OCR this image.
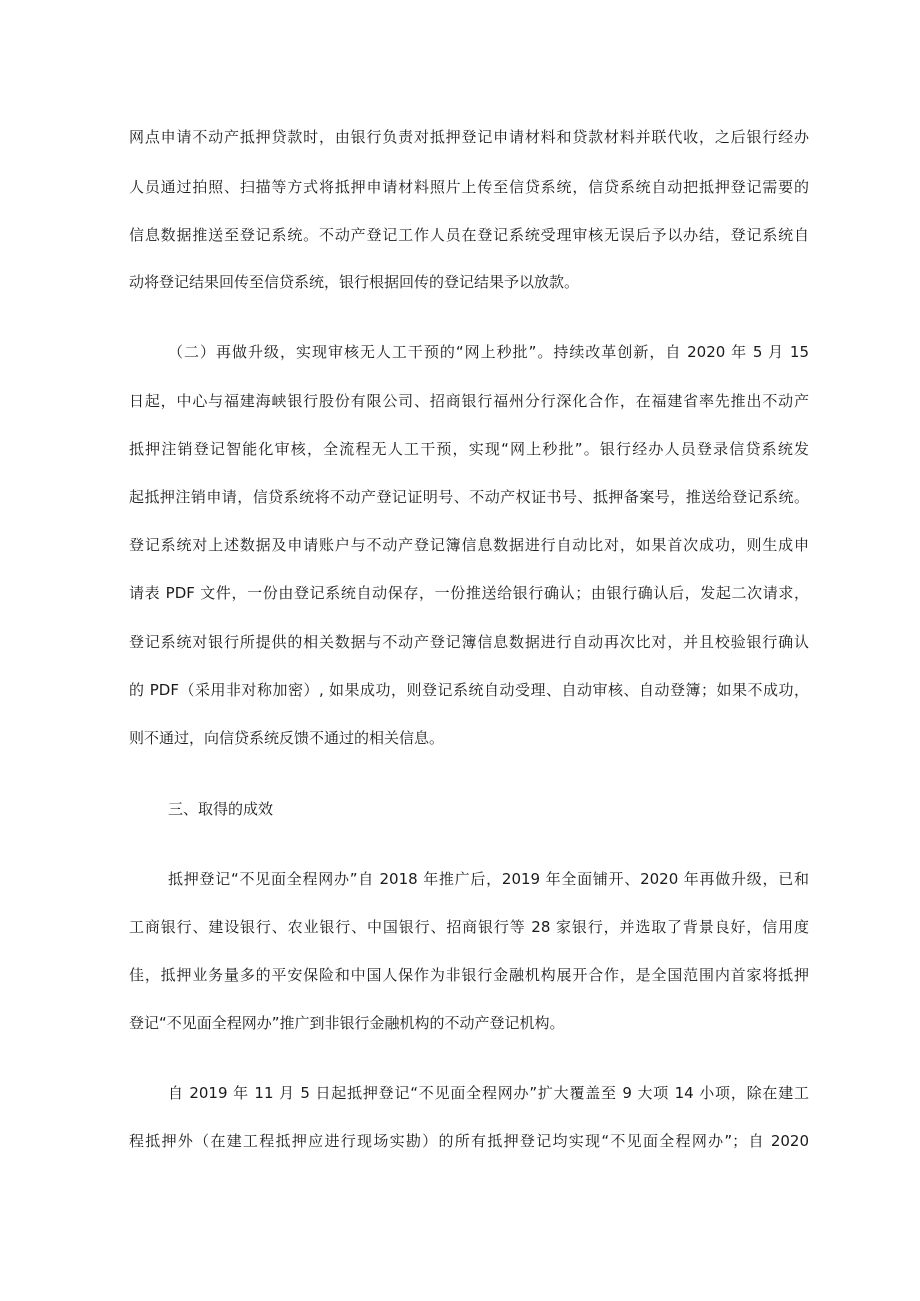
网点申请不动产抵押贷款时，由银行负责对抵押登记申请材料和贷款材料并联代收，之后银行经办
人员通过拍照、扫描等方式将抵押申请材料照片上传至信贷系统，信贷系统自动把抵押登记需要的
信息数据推送至登记系统。不动产登记工作人员在登记系统受理审核无误后予以办结，登记系统自
动将登记结果回传至信贷系统，银行根据回传的登记结果予以放款。
（二）再做升级，实现审核无人工干预的“网上秒批”。持续改革创新，自 2020 年 5 月 15
日起，中心与福建海峡银行股份有限公司、招商银行福州分行深化合作，在福建省率先推出不动产
抵押注销登记智能化审核，全流程无人工干预，实现“网上秒批”。银行经办人员登录信贷系统发
起抵押注销申请，信贷系统将不动产登记证明号、不动产权证书号、抵押备案号，推送给登记系统。
登记系统对上述数据及申请账户与不动产登记簿信息数据进行自动比对，如果首次成功，则生成申
请表 PDF 文件，一份由登记系统自动保存，一份推送给银行确认；由银行确认后，发起二次请求，
登记系统对银行所提供的相关数据与不动产登记簿信息数据进行自动再次比对，并且校验银行确认
的 PDF（采用非对称加密）, 如果成功，则登记系统自动受理、自动审核、自动登簿；如果不成功，
则不通过，向信贷系统反馈不通过的相关信息。
三、取得的成效
抵押登记“不见面全程网办”自 2018 年推广后，2019 年全面铺开、2020 年再做升级，已和
工商银行、建设银行、农业银行、中国银行、招商银行等 28 家银行，并选取了背景良好，信用度
佳，抵押业务量多的平安保险和中国人保作为非银行金融机构展开合作，是全国范围内首家将抵押
登记“不见面全程网办”推广到非银行金融机构的不动产登记机构。
自 2019 年 11 月 5 日起抵押登记“不见面全程网办”扩大覆盖至 9 大项 14 小项，除在建工
程抵押外（在建工程抵押应进行现场实勘）的所有抵押登记均实现“不见面全程网办”；自 2020
